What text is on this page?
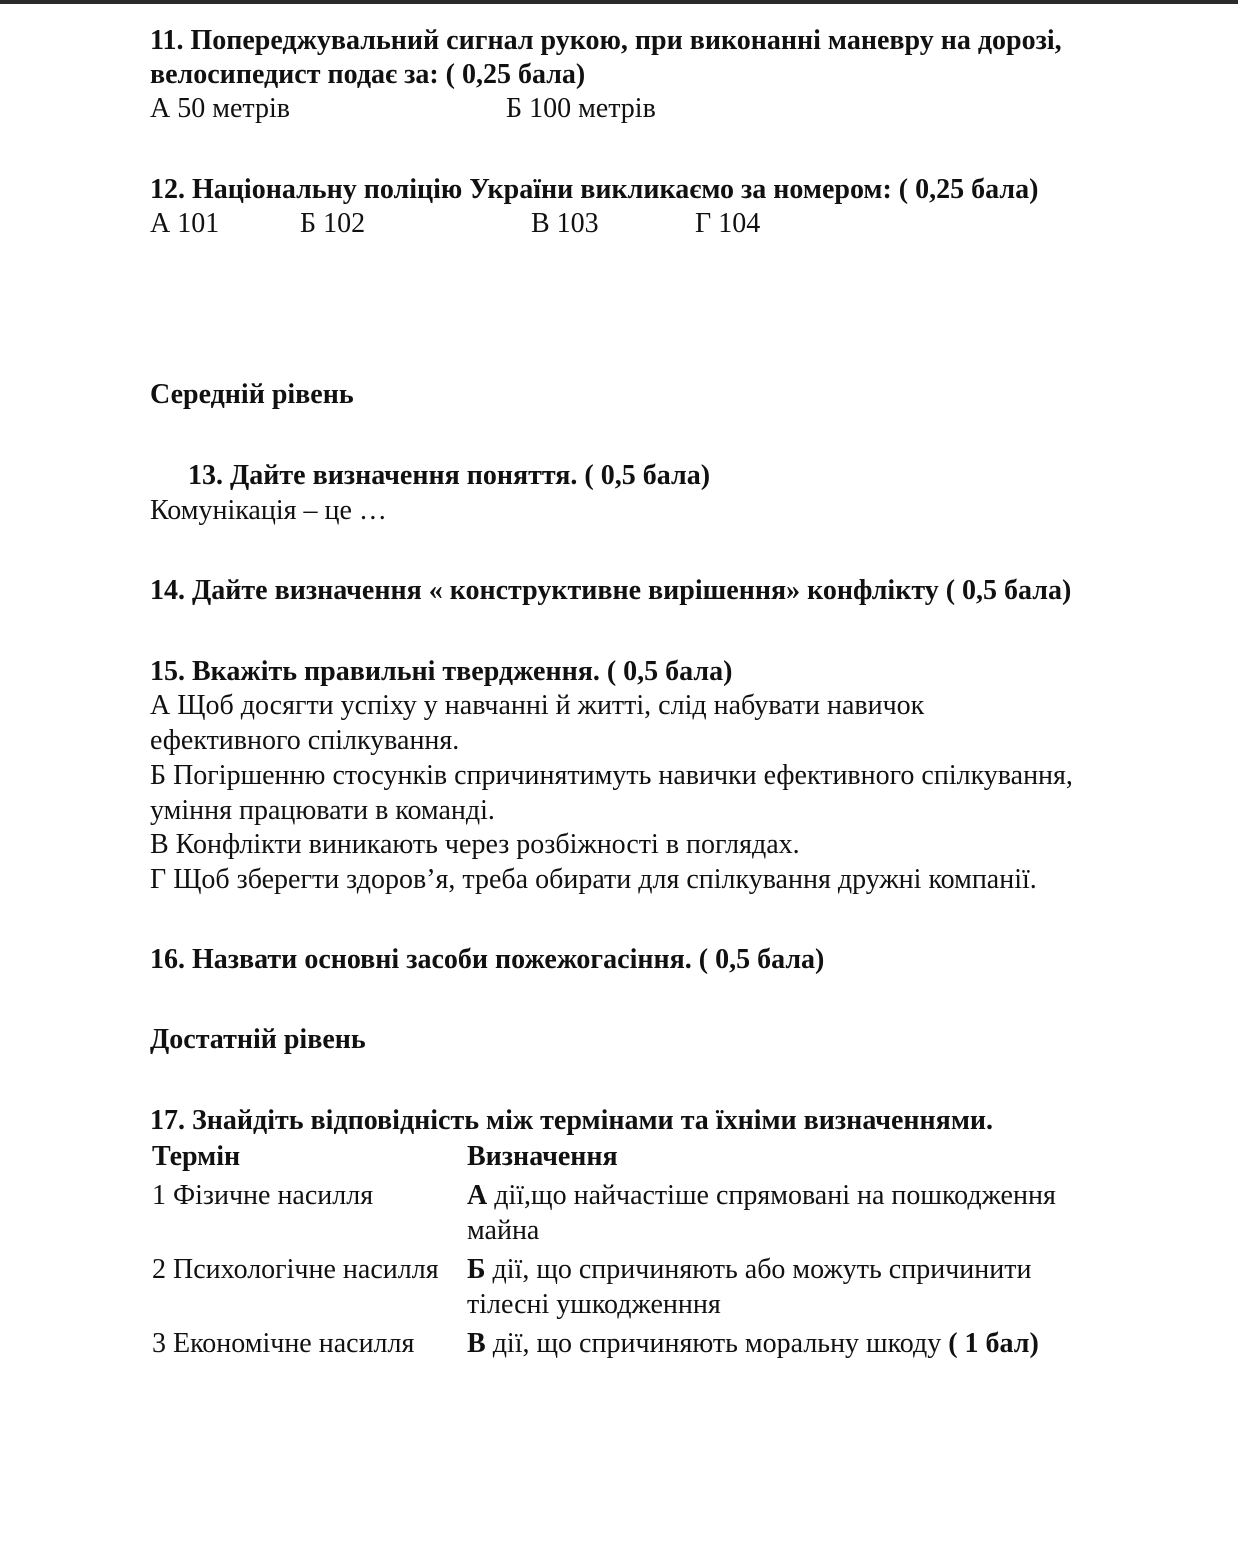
11. Попереджувальний сигнал рукою, при виконанні маневру на дорозі,
велосипедист подає за: ( 0,25 бала)
А 50 метрів	Б 100 метрів
12. Національну поліцію України викликаємо за номером: ( 0,25 бала)
А 101	Б 102	В 103	Г 104
Середній рівень
13. Дайте визначення поняття. ( 0,5 бала)
Комунікація – це …
14. Дайте визначення « конструктивне вирішення» конфлікту ( 0,5 бала)
15. Вкажіть правильні твердження. ( 0,5 бала)
А Щоб досягти успіху у навчанні й житті, слід набувати навичок
ефективного спілкування.
Б Погіршенню стосунків спричинятимуть навички ефективного спілкування,
уміння працювати в команді.
В Конфлікти виникають через розбіжності в поглядах.
Г Щоб зберегти здоров’я, треба обирати для спілкування дружні компанії.
16. Назвати основні засоби пожежогасіння. ( 0,5 бала)
Достатній рівень
17. Знайдіть відповідність між термінами та їхніми визначеннями.
Термін	Визначення
1 Фізичне насилля	А дії,що найчастіше спрямовані на пошкодження
майна
2 Психологічне насилля Б дії, що спричиняють або можуть спричинити
тілесні ушкодженння
3 Економічне насилля В дії, що спричиняють моральну шкоду ( 1 бал)
